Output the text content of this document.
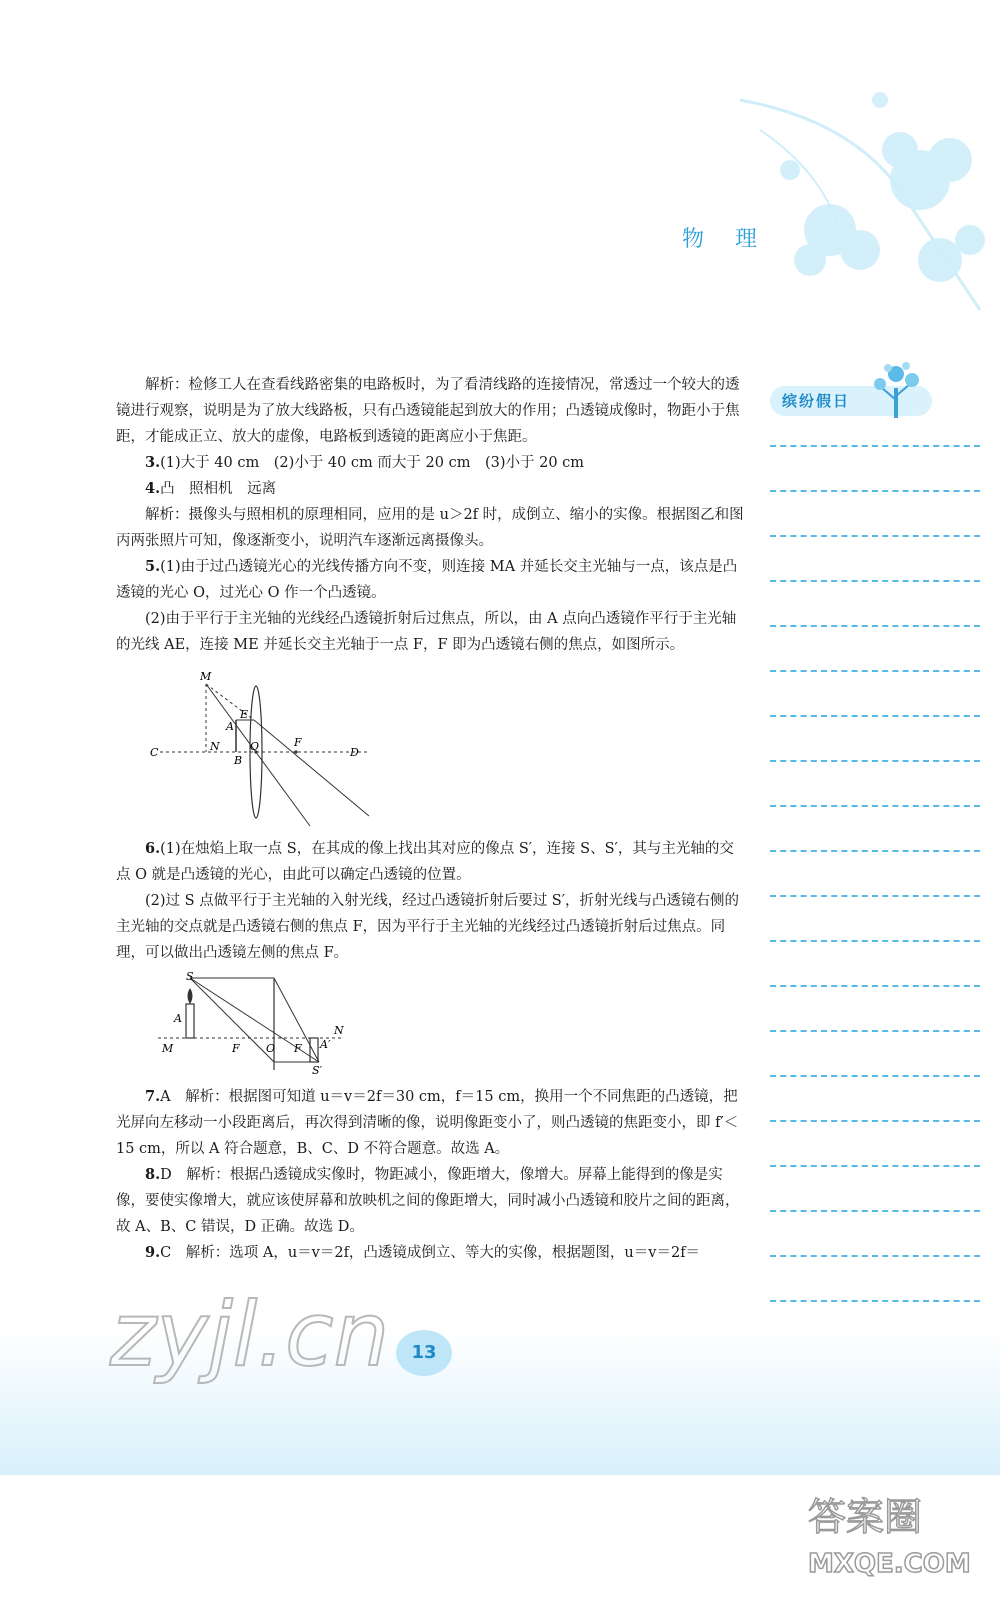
物 理
缤纷假日

解析：检修工人在查看线路密集的电路板时，为了看清线路的连接情况，常透过一个较大的透镜进行观察，说明是为了放大线路板，只有凸透镜能起到放大的作用；凸透镜成像时，物距小于焦距，才能成正立、放大的虚像，电路板到透镜的距离应小于焦距。

3.(1)大于 40 cm　(2)小于 40 cm 而大于 20 cm　(3)小于 20 cm

4.凸　照相机　远离

解析：摄像头与照相机的原理相同，应用的是 u＞2f 时，成倒立、缩小的实像。根据图乙和图丙两张照片可知，像逐渐变小，说明汽车逐渐远离摄像头。

5.(1)由于过凸透镜光心的光线传播方向不变，则连接 MA 并延长交主光轴与一点，该点是凸透镜的光心 O，过光心 O 作一个凸透镜。

(2)由于平行于主光轴的光线经凸透镜折射后过焦点，所以，由 A 点向凸透镜作平行于主光轴的光线 AE，连接 ME 并延长交主光轴于一点 F，F 即为凸透镜右侧的焦点，如图所示。

M
E
A
C	N
B
O	F
D

6.(1)在烛焰上取一点 S，在其成的像上找出其对应的像点 S′，连接 S、S′，其与主光轴的交点 O 就是凸透镜的光心，由此可以确定凸透镜的位置。

(2)过 S 点做平行于主光轴的入射光线，经过凸透镜折射后要过 S′，折射光线与凸透镜右侧的主光轴的交点就是凸透镜右侧的焦点 F，因为平行于主光轴的光线经过凸透镜折射后过焦点。同理，可以做出凸透镜左侧的焦点 F。

S
A
M	F O F A′
N
S′

7.A　解析：根据图可知道 u＝v＝2f＝30 cm，f＝15 cm，换用一个不同焦距的凸透镜，把光屏向左移动一小段距离后，再次得到清晰的像，说明像距变小了，则凸透镜的焦距变小，即 f′＜15 cm，所以 A 符合题意，B、C、D 不符合题意。故选 A。

8.D　解析：根据凸透镜成实像时，物距减小，像距增大，像增大。屏幕上能得到的像是实像，要使实像增大，就应该使屏幕和放映机之间的像距增大，同时减小凸透镜和胶片之间的距离，故 A、B、C 错误，D 正确。故选 D。

9.C　解析：选项 A，u＝v＝2f，凸透镜成倒立、等大的实像，根据题图，u＝v＝2f＝

13
zyjl.cn
答案圈
MXQE.COM
